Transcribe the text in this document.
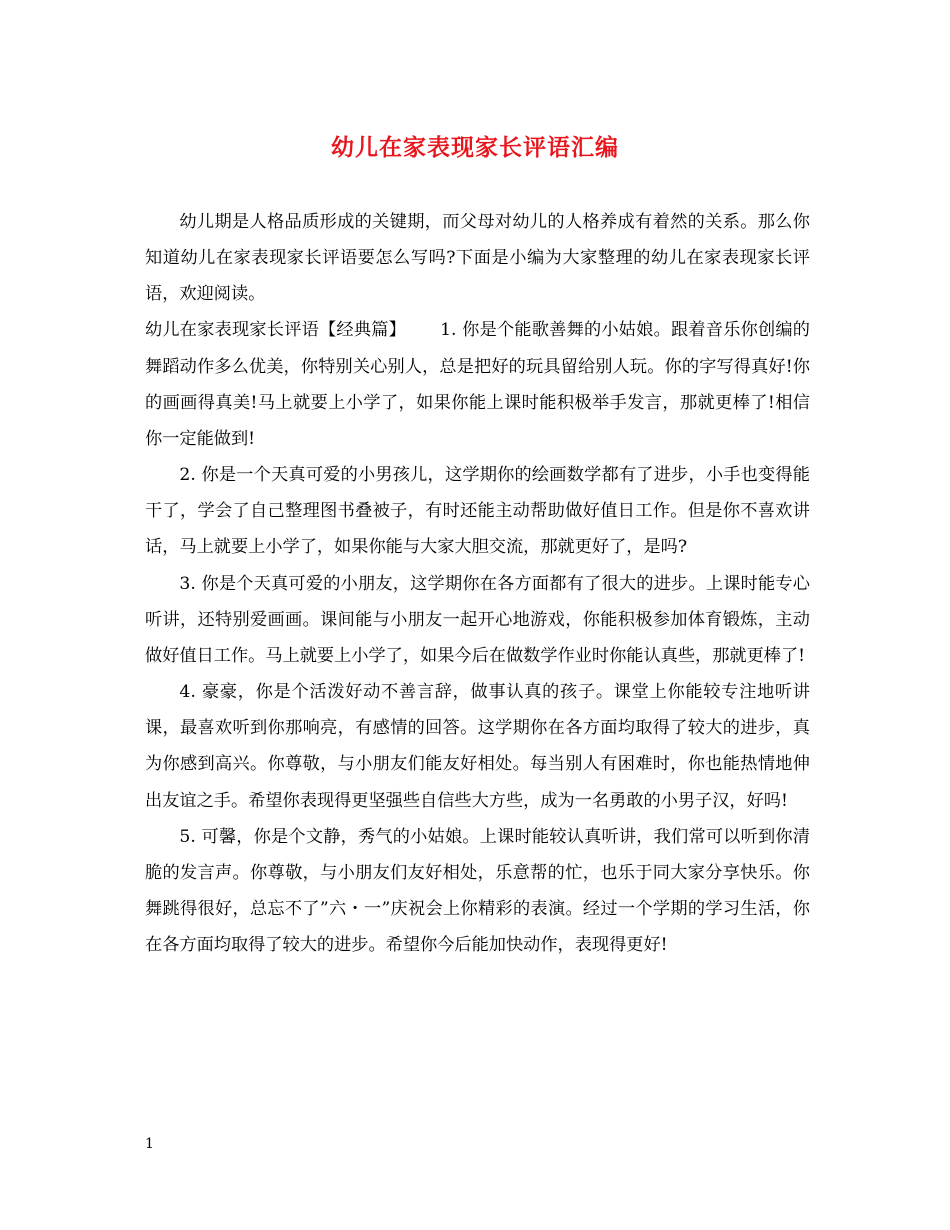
幼儿在家表现家长评语汇编

幼儿期是人格品质形成的关键期，而父母对幼儿的人格养成有着然的关系。那么你知道幼儿在家表现家长评语要怎么写吗?下面是小编为大家整理的幼儿在家表现家长评语，欢迎阅读。

幼儿在家表现家长评语【经典篇】      1. 你是个能歌善舞的小姑娘。跟着音乐你创编的舞蹈动作多么优美，你特别关心别人，总是把好的玩具留给别人玩。你的字写得真好!你的画画得真美!马上就要上小学了，如果你能上课时能积极举手发言，那就更棒了!相信你一定能做到!

2. 你是一个天真可爱的小男孩儿，这学期你的绘画数学都有了进步，小手也变得能干了，学会了自己整理图书叠被子，有时还能主动帮助做好值日工作。但是你不喜欢讲话，马上就要上小学了，如果你能与大家大胆交流，那就更好了，是吗?

3. 你是个天真可爱的小朋友，这学期你在各方面都有了很大的进步。上课时能专心听讲，还特别爱画画。课间能与小朋友一起开心地游戏，你能积极参加体育锻炼，主动做好值日工作。马上就要上小学了，如果今后在做数学作业时你能认真些，那就更棒了!

4. 豪豪，你是个活泼好动不善言辞，做事认真的孩子。课堂上你能较专注地听讲课，最喜欢听到你那响亮，有感情的回答。这学期你在各方面均取得了较大的进步，真为你感到高兴。你尊敬，与小朋友们能友好相处。每当别人有困难时，你也能热情地伸出友谊之手。希望你表现得更坚强些自信些大方些，成为一名勇敢的小男子汉，好吗!

5. 可馨，你是个文静，秀气的小姑娘。上课时能较认真听讲，我们常可以听到你清脆的发言声。你尊敬，与小朋友们友好相处，乐意帮的忙，也乐于同大家分享快乐。你舞跳得很好，总忘不了”六・一”庆祝会上你精彩的表演。经过一个学期的学习生活，你在各方面均取得了较大的进步。希望你今后能加快动作，表现得更好!

1
